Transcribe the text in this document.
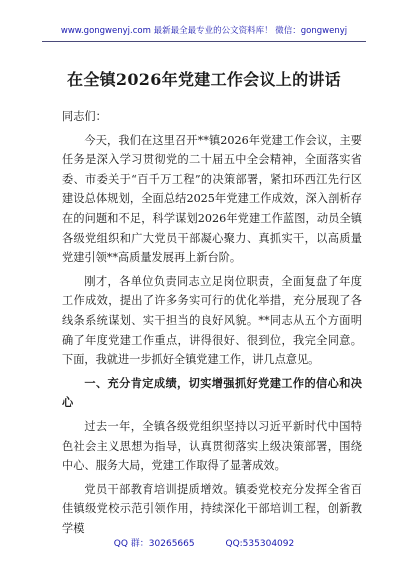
www.gongwenyj.com 最新最全最专业的公文资料库！ 微信：gongwenyj
在全镇2026年党建工作会议上的讲话

同志们：

今天，我们在这里召开**镇2026年党建工作会议，主要任务是深入学习贯彻党的二十届五中全会精神，全面落实省委、市委关于“百千万工程”的决策部署，紧扣环西江先行区建设总体规划，全面总结2025年党建工作成效，深入剖析存在的问题和不足，科学谋划2026年党建工作蓝图，动员全镇各级党组织和广大党员干部凝心聚力、真抓实干，以高质量党建引领**高质量发展再上新台阶。

刚才，各单位负责同志立足岗位职责，全面复盘了年度工作成效，提出了许多务实可行的优化举措，充分展现了各线条系统谋划、实干担当的良好风貌。**同志从五个方面明确了年度党建工作重点，讲得很好、很到位，我完全同意。下面，我就进一步抓好全镇党建工作，讲几点意见。

一、充分肯定成绩，切实增强抓好党建工作的信心和决心

过去一年，全镇各级党组织坚持以习近平新时代中国特色社会主义思想为指导，认真贯彻落实上级决策部署，围绕中心、服务大局，党建工作取得了显著成效。

党员干部教育培训提质增效。镇委党校充分发挥全省百佳镇级党校示范引领作用，持续深化干部培训工程，创新教学模

QQ 群：30265665	QQ:535304092
